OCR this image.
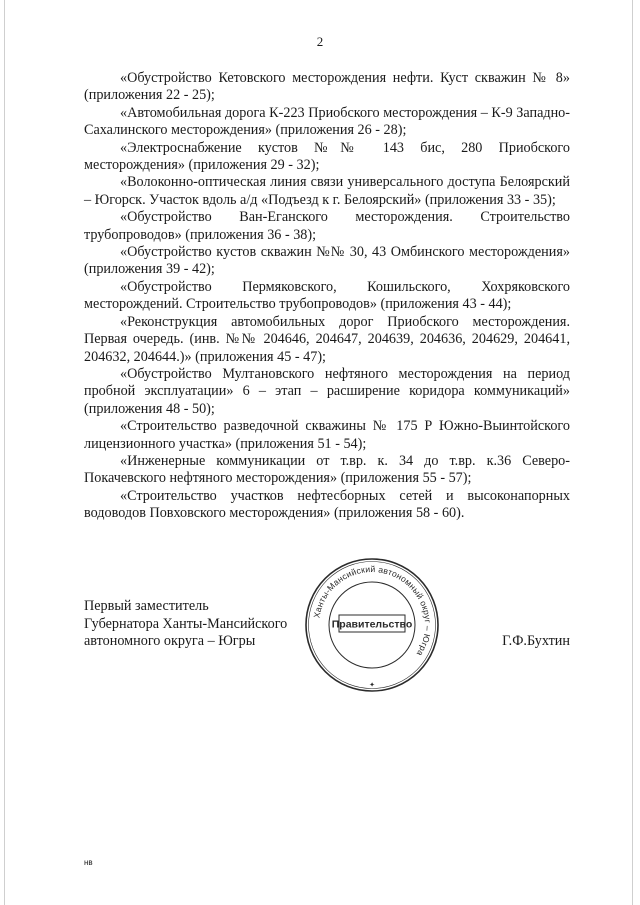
2

«Обустройство Кетовского месторождения нефти. Куст скважин № 8» (приложения 22 - 25);

«Автомобильная дорога К-223 Приобского месторождения – К-9 Западно-Сахалинского месторождения» (приложения 26 - 28);

«Электроснабжение кустов №№ 143 бис, 280 Приобского месторождения» (приложения 29 - 32);

«Волоконно-оптическая линия связи универсального доступа Белоярский – Югорск. Участок вдоль а/д «Подъезд к г. Белоярский» (приложения 33 - 35);

«Обустройство Ван-Еганского месторождения. Строительство трубопроводов» (приложения 36 - 38);

«Обустройство кустов скважин №№ 30, 43 Омбинского месторождения» (приложения 39 - 42);

«Обустройство Пермяковского, Кошильского, Хохряковского месторождений. Строительство трубопроводов» (приложения 43 - 44);

«Реконструкция автомобильных дорог Приобского месторождения. Первая очередь. (инв. №№ 204646, 204647, 204639, 204636, 204629, 204641, 204632, 204644.)» (приложения 45 - 47);

«Обустройство Мултановского нефтяного месторождения на период пробной эксплуатации» 6 – этап – расширение коридора коммуникаций» (приложения 48 - 50);

«Строительство разведочной скважины № 175 Р Южно-Выинтойского лицензионного участка» (приложения 51 - 54);

«Инженерные коммуникации от т.вр. к. 34 до т.вр. к.36 Северо-Покачевского нефтяного месторождения» (приложения 55 - 57);

«Строительство участков нефтесборных сетей и высоконапорных водоводов Повховского месторождения» (приложения 58 - 60).

Первый заместитель
Губернатора Ханты-Мансийского
автономного округа – Югры	Г.Ф.Бухтин
Ханты-Мансийский автономный округ – Югра
Правительство
✦
нв
